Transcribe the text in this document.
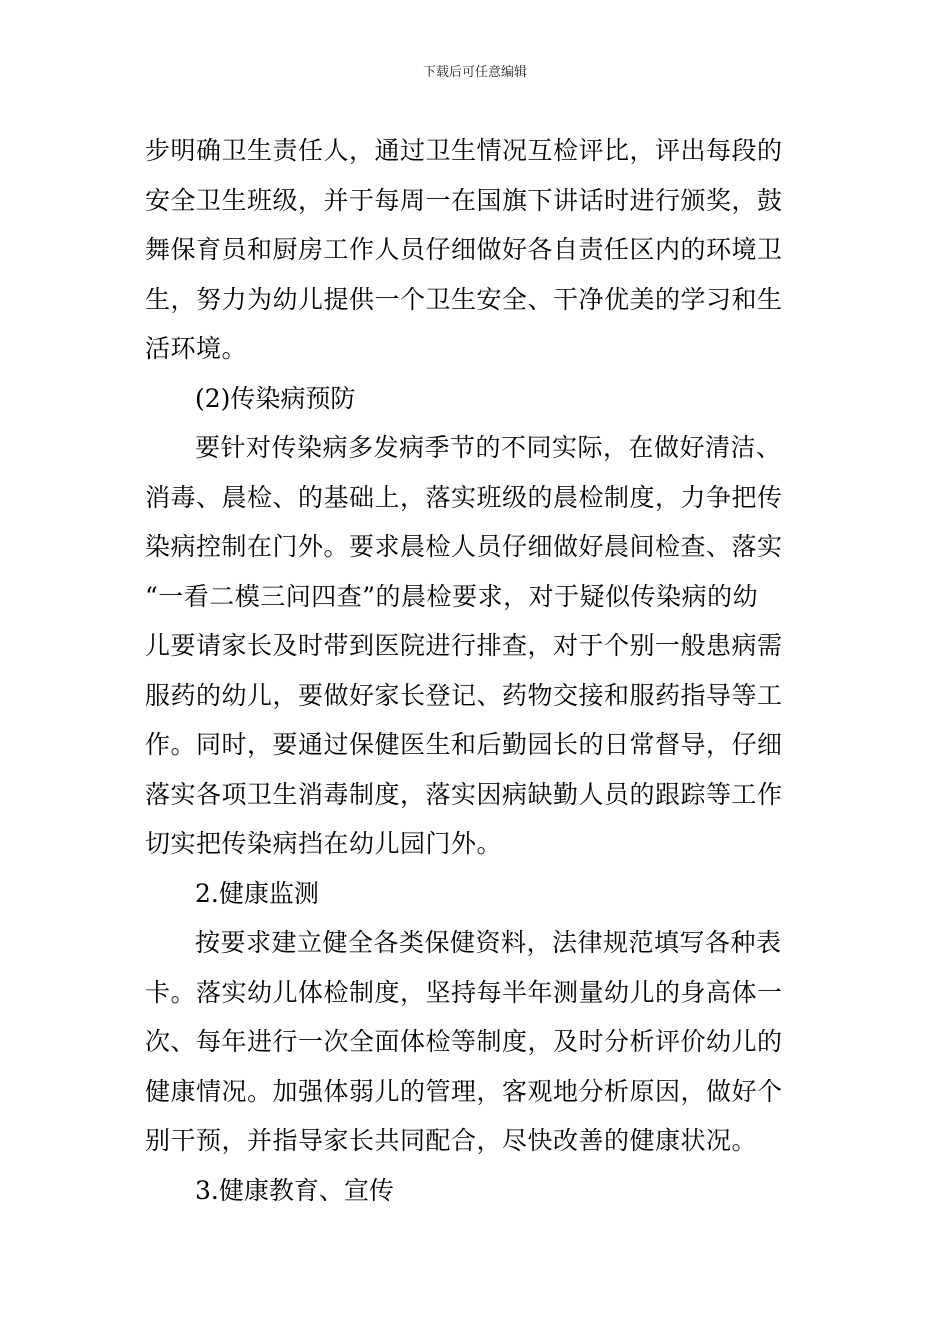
下载后可任意编辑
步明确卫生责任人，通过卫生情况互检评比，评出每段的
安全卫生班级，并于每周一在国旗下讲话时进行颁奖，鼓
舞保育员和厨房工作人员仔细做好各自责任区内的环境卫
生，努力为幼儿提供一个卫生安全、干净优美的学习和生
活环境。
(2)传染病预防
要针对传染病多发病季节的不同实际，在做好清洁、
消毒、晨检、的基础上，落实班级的晨检制度，力争把传
染病控制在门外。要求晨检人员仔细做好晨间检查、落实
“一看二模三问四查”的晨检要求，对于疑似传染病的幼
儿要请家长及时带到医院进行排查，对于个别一般患病需
服药的幼儿，要做好家长登记、药物交接和服药指导等工
作。同时，要通过保健医生和后勤园长的日常督导，仔细
落实各项卫生消毒制度，落实因病缺勤人员的跟踪等工作
切实把传染病挡在幼儿园门外。
2.健康监测
按要求建立健全各类保健资料，法律规范填写各种表
卡。落实幼儿体检制度，坚持每半年测量幼儿的身高体一
次、每年进行一次全面体检等制度，及时分析评价幼儿的
健康情况。加强体弱儿的管理，客观地分析原因，做好个
别干预，并指导家长共同配合，尽快改善的健康状况。
3.健康教育、宣传
